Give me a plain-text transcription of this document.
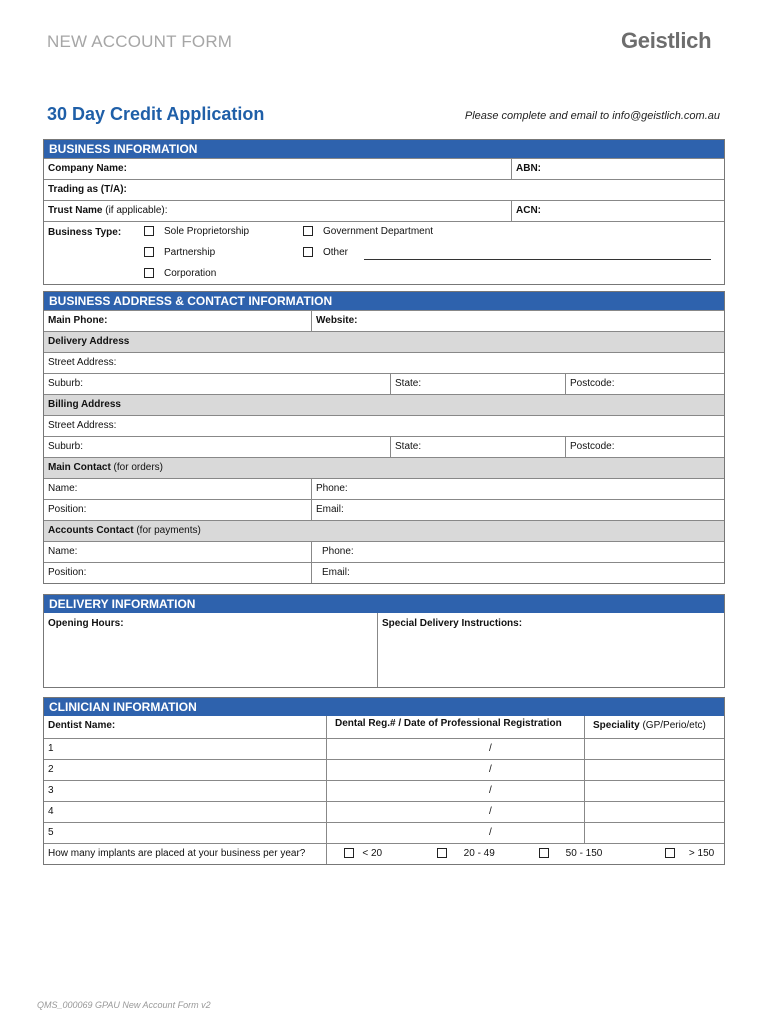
NEW ACCOUNT FORM	Geistlich
30 Day Credit Application	Please complete and email to info@geistlich.com.au
BUSINESS INFORMATION
Company Name:	ABN:
Trading as (T/A):
Trust Name (if applicable):	ACN:
Business Type:	Sole Proprietorship	Government Department
Partnership	Other
Corporation
BUSINESS ADDRESS & CONTACT INFORMATION
Main Phone:	Website:
Delivery Address
Street Address:
Suburb:	State:	Postcode:
Billing Address
Street Address:
Suburb:	State:	Postcode:
Main Contact (for orders)
Name:	Phone:
Position:	Email:
Accounts Contact (for payments)
Name:	Phone:
Position:	Email:
DELIVERY INFORMATION
Opening Hours:	Special Delivery Instructions:
CLINICIAN INFORMATION
Dentist Name:	Dental Reg.# / Date of Professional Registration	Speciality (GP/Perio/etc)
1	/
2	/
3	/
4	/
5	/
How many implants are placed at your business per year?	< 20	20 - 49	50 - 150	> 150
QMS_000069 GPAU New Account Form v2
